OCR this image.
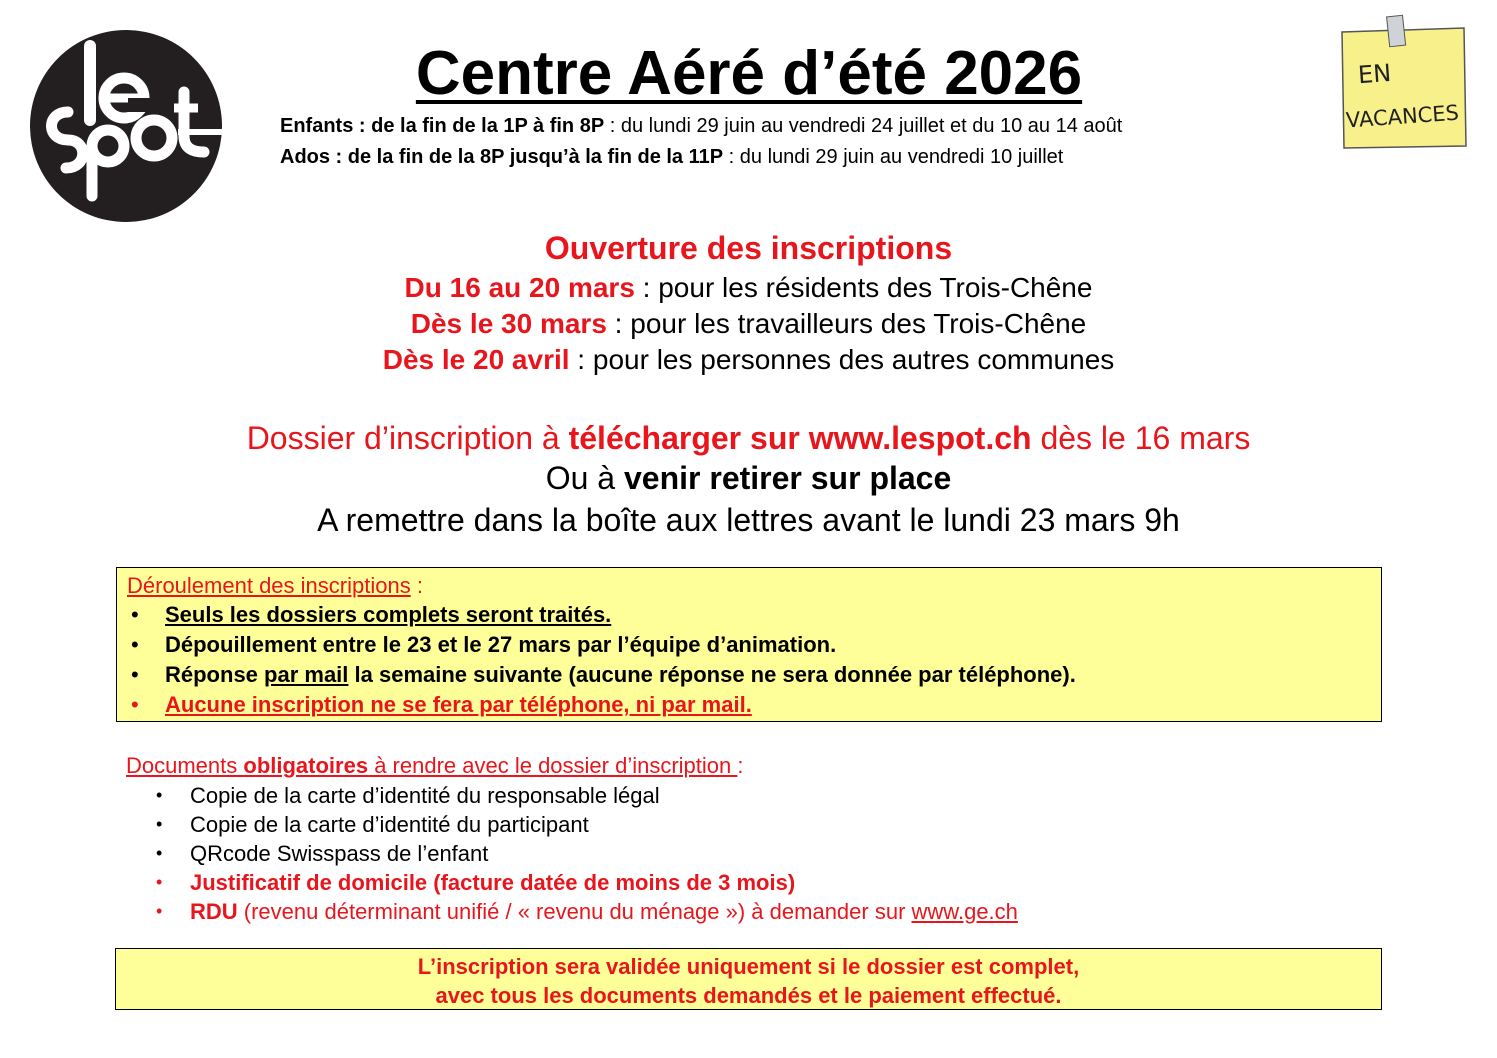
EN
VACANCES
Centre Aéré d’été 2026
Enfants : de la fin de la 1P à fin 8P : du lundi 29 juin au vendredi 24 juillet et du 10 au 14 août
Ados : de la fin de la 8P jusqu’à la fin de la 11P : du lundi 29 juin au vendredi 10 juillet
Ouverture des inscriptions
Du 16 au 20 mars : pour les résidents des Trois-Chêne
Dès le 30 mars : pour les travailleurs des Trois-Chêne
Dès le 20 avril : pour les personnes des autres communes
Dossier d’inscription à télécharger sur www.lespot.ch dès le 16 mars
Ou à venir retirer sur place
A remettre dans la boîte aux lettres avant le lundi 23 mars 9h
Déroulement des inscriptions :
• Seuls les dossiers complets seront traités.
• Dépouillement entre le 23 et le 27 mars par l’équipe d’animation.
• Réponse par mail la semaine suivante (aucune réponse ne sera donnée par téléphone).
• Aucune inscription ne se fera par téléphone, ni par mail.
Documents obligatoires à rendre avec le dossier d’inscription :
• Copie de la carte d’identité du responsable légal
• Copie de la carte d’identité du participant
• QRcode Swisspass de l’enfant
• Justificatif de domicile (facture datée de moins de 3 mois)
• RDU (revenu déterminant unifié / « revenu du ménage ») à demander sur www.ge.ch
L’inscription sera validée uniquement si le dossier est complet,
avec tous les documents demandés et le paiement effectué.
